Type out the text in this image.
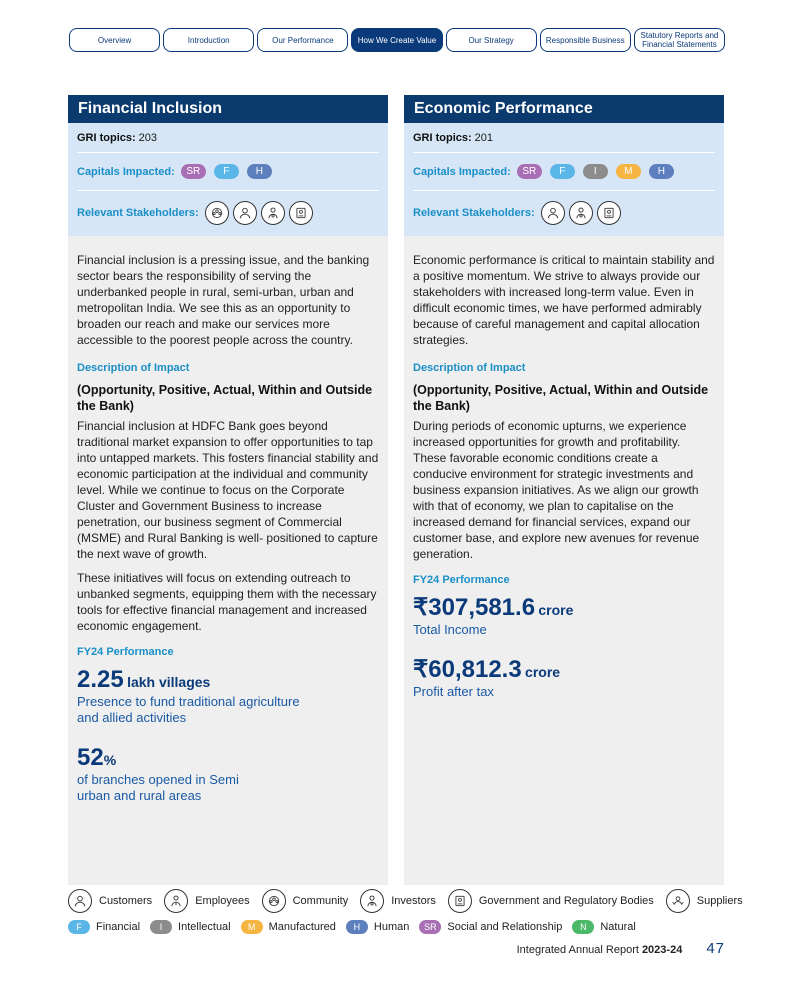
Overview	Introduction	Our Performance	How We Create Value	Our Strategy	Responsible Business	Statutory Reports and Financial Statements
Financial Inclusion
GRI topics: 203
Capitals Impacted:	SR F	H
Relevant Stakeholders:

Financial inclusion is a pressing issue, and the banking sector bears the responsibility of serving the underbanked people in rural, semi-urban, urban and metropolitan India. We see this as an opportunity to broaden our reach and make our services more accessible to the poorest people across the country.

Description of Impact
(Opportunity, Positive, Actual, Within and Outside the Bank)

Financial inclusion at HDFC Bank goes beyond traditional market expansion to offer opportunities to tap into untapped markets. This fosters financial stability and economic participation at the individual and community level. While we continue to focus on the Corporate Cluster and Government Business to increase penetration, our business segment of Commercial (MSME) and Rural Banking is well- positioned to capture the next wave of growth.

These initiatives will focus on extending outreach to unbanked segments, equipping them with the necessary tools for effective financial management and increased economic engagement.

FY24 Performance
2.25 lakh villages
Presence to fund traditional agriculture and allied activities
52%
of branches opened in Semi urban and rural areas
Economic Performance
GRI topics: 201
Capitals Impacted:	SR F	I	M	H
Relevant Stakeholders:

Economic performance is critical to maintain stability and a positive momentum. We strive to always provide our stakeholders with increased long-term value. Even in difficult economic times, we have performed admirably because of careful management and capital allocation strategies.

Description of Impact
(Opportunity, Positive, Actual, Within and Outside the Bank)

During periods of economic upturns, we experience increased opportunities for growth and profitability. These favorable economic conditions create a conducive environment for strategic investments and business expansion initiatives. As we align our growth with that of economy, we plan to capitalise on the increased demand for financial services, expand our customer base, and explore new avenues for revenue generation.

FY24 Performance
₹307,581.6 crore
Total Income
₹60,812.3 crore
Profit after tax
Customers	Employees	Community	Investors	Government and Regulatory Bodies	Suppliers
F	Financial	I	Intellectual	M	Manufactured	H	Human	SR Social and Relationship	N	Natural
Integrated Annual Report 2023-24 47
